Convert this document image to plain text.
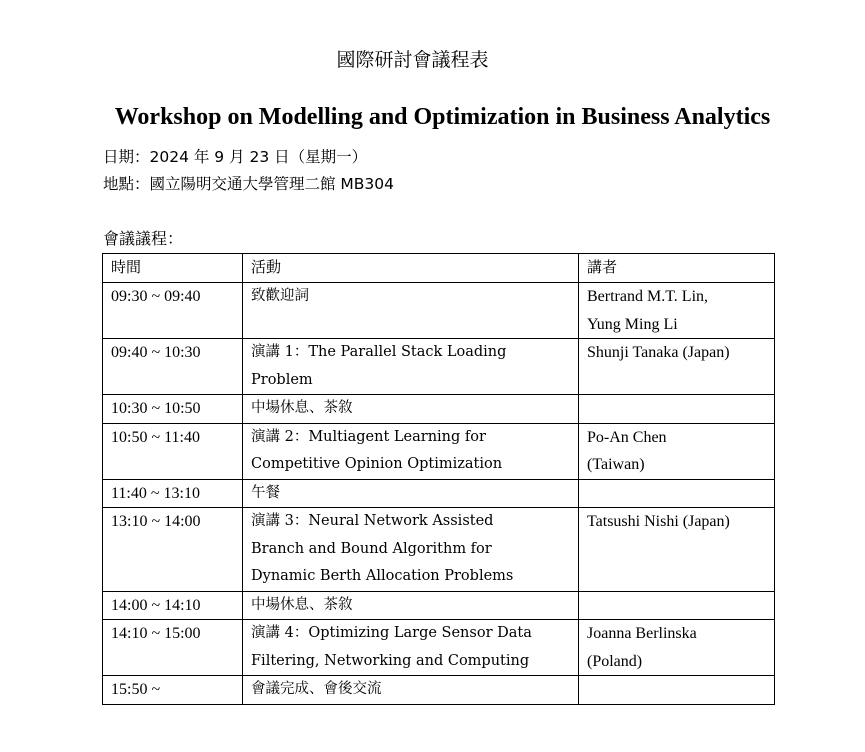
國際研討會議程表
Workshop on Modelling and Optimization in Business Analytics
日期：2024 年 9 月 23 日（星期一）
地點：國立陽明交通大學管理二館 MB304
會議議程：
時間	活動	講者
09:30 ~ 09:40	致歡迎詞	Bertrand M.T. Lin, Yung Ming Li
09:40 ~ 10:30	演講 1：The Parallel Stack Loading Problem	Shunji Tanaka (Japan)
10:30 ~ 10:50	中場休息、茶敘	
10:50 ~ 11:40	演講 2：Multiagent Learning for Competitive Opinion Optimization	Po-An Chen (Taiwan)
11:40 ~ 13:10	午餐	
13:10 ~ 14:00	演講 3：Neural Network Assisted Branch and Bound Algorithm for Dynamic Berth Allocation Problems	Tatsushi Nishi (Japan)
14:00 ~ 14:10	中場休息、茶敘	
14:10 ~ 15:00	演講 4：Optimizing Large Sensor Data Filtering, Networking and Computing	Joanna Berlinska (Poland)
15:50 ~	會議完成、會後交流	
